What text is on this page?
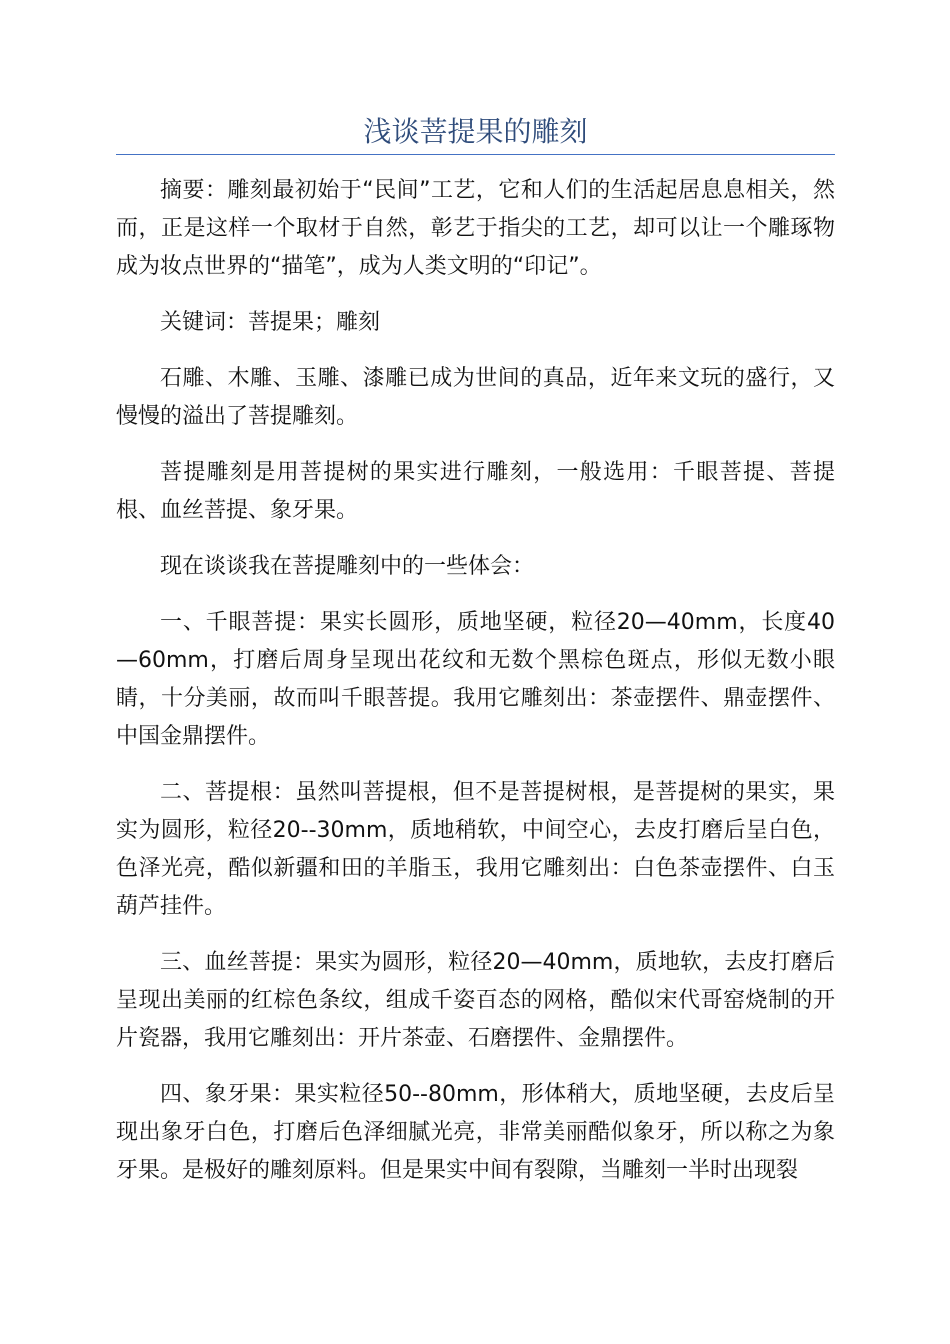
浅谈菩提果的雕刻

摘要：雕刻最初始于“民间”工艺，它和人们的生活起居息息相关，然而，正是这样一个取材于自然，彰艺于指尖的工艺，却可以让一个雕琢物成为妆点世界的“描笔”，成为人类文明的“印记”。

关键词：菩提果；雕刻

石雕、木雕、玉雕、漆雕已成为世间的真品，近年来文玩的盛行，又慢慢的溢出了菩提雕刻。

菩提雕刻是用菩提树的果实进行雕刻，一般选用：千眼菩提、菩提根、血丝菩提、象牙果。

现在谈谈我在菩提雕刻中的一些体会：

一、千眼菩提：果实长圆形，质地坚硬，粒径20—40mm，长度40—60mm，打磨后周身呈现出花纹和无数个黑棕色斑点，形似无数小眼睛，十分美丽，故而叫千眼菩提。我用它雕刻出：茶壶摆件、鼎壶摆件、中国金鼎摆件。

二、菩提根：虽然叫菩提根，但不是菩提树根，是菩提树的果实，果实为圆形，粒径20--30mm，质地稍软，中间空心，去皮打磨后呈白色，色泽光亮，酷似新疆和田的羊脂玉，我用它雕刻出：白色茶壶摆件、白玉葫芦挂件。

三、血丝菩提：果实为圆形，粒径20—40mm，质地软，去皮打磨后呈现出美丽的红棕色条纹，组成千姿百态的网格，酷似宋代哥窑烧制的开片瓷器，我用它雕刻出：开片茶壶、石磨摆件、金鼎摆件。

四、象牙果：果实粒径50--80mm，形体稍大，质地坚硬，去皮后呈现出象牙白色，打磨后色泽细腻光亮，非常美丽酷似象牙，所以称之为象牙果。是极好的雕刻原料。但是果实中间有裂隙，当雕刻一半时出现裂
